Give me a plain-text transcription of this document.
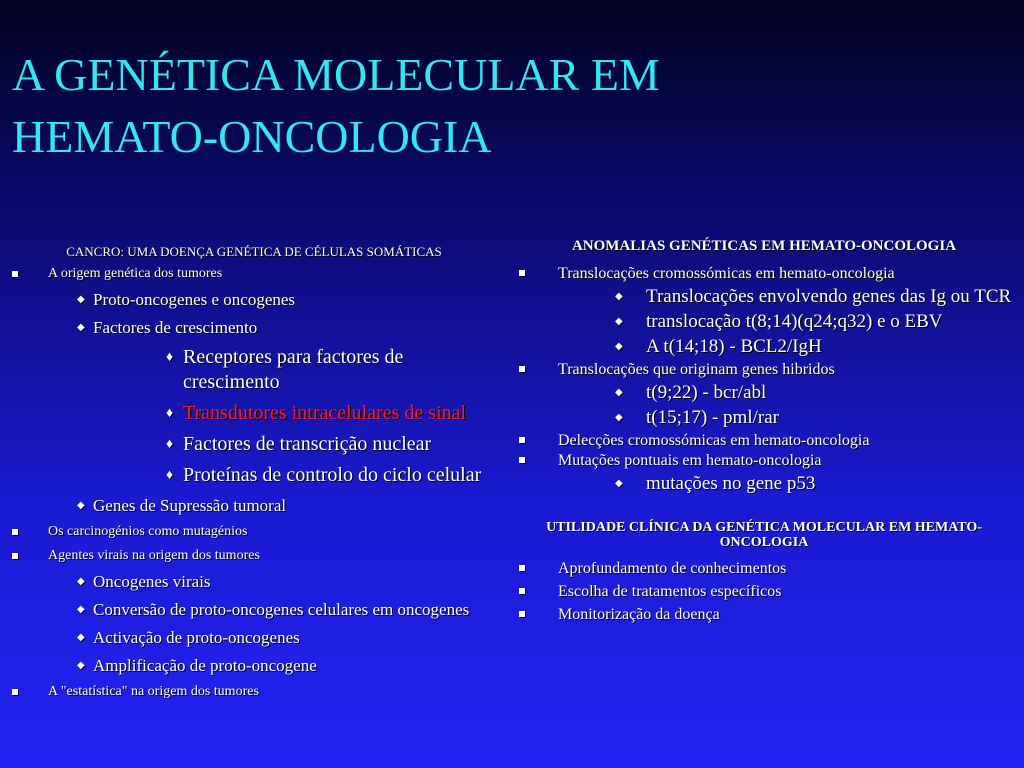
A GENÉTICA MOLECULAR EM
HEMATO-ONCOLOGIA
CANCRO: UMA DOENÇA GENÉTICA DE CÉLULAS SOMÁTICAS
A origem genética dos tumores
◆ Proto-oncogenes e oncogenes
◆ Factores de crescimento
♦ Receptores para factores de crescimento
♦ Transdutores intracelulares de sinal
♦ Factores de transcrição nuclear
♦ Proteínas de controlo do ciclo celular
◆ Genes de Supressão tumoral
Os carcinogénios como mutagénios
Agentes virais na origem dos tumores
◆ Oncogenes virais
◆ Conversão de proto-oncogenes celulares em oncogenes
◆ Activação de proto-oncogenes
◆ Amplificação de proto-oncogene
A "estatística" na origem dos tumores
ANOMALIAS GENÉTICAS EM HEMATO-ONCOLOGIA
Translocações cromossómicas em hemato-oncologia
◆ Translocações envolvendo genes das Ig ou TCR
◆ translocação t(8;14)(q24;q32) e o EBV
◆ A t(14;18) - BCL2/IgH
Translocações que originam genes hibridos
◆ t(9;22) - bcr/abl
◆ t(15;17) - pml/rar
Delecções cromossómicas em hemato-oncologia
Mutações pontuais em hemato-oncologia
◆ mutações no gene p53
UTILIDADE CLÍNICA DA GENÉTICA MOLECULAR EM HEMATO-ONCOLOGIA
Aprofundamento de conhecimentos
Escolha de tratamentos específicos
Monitorização da doença
